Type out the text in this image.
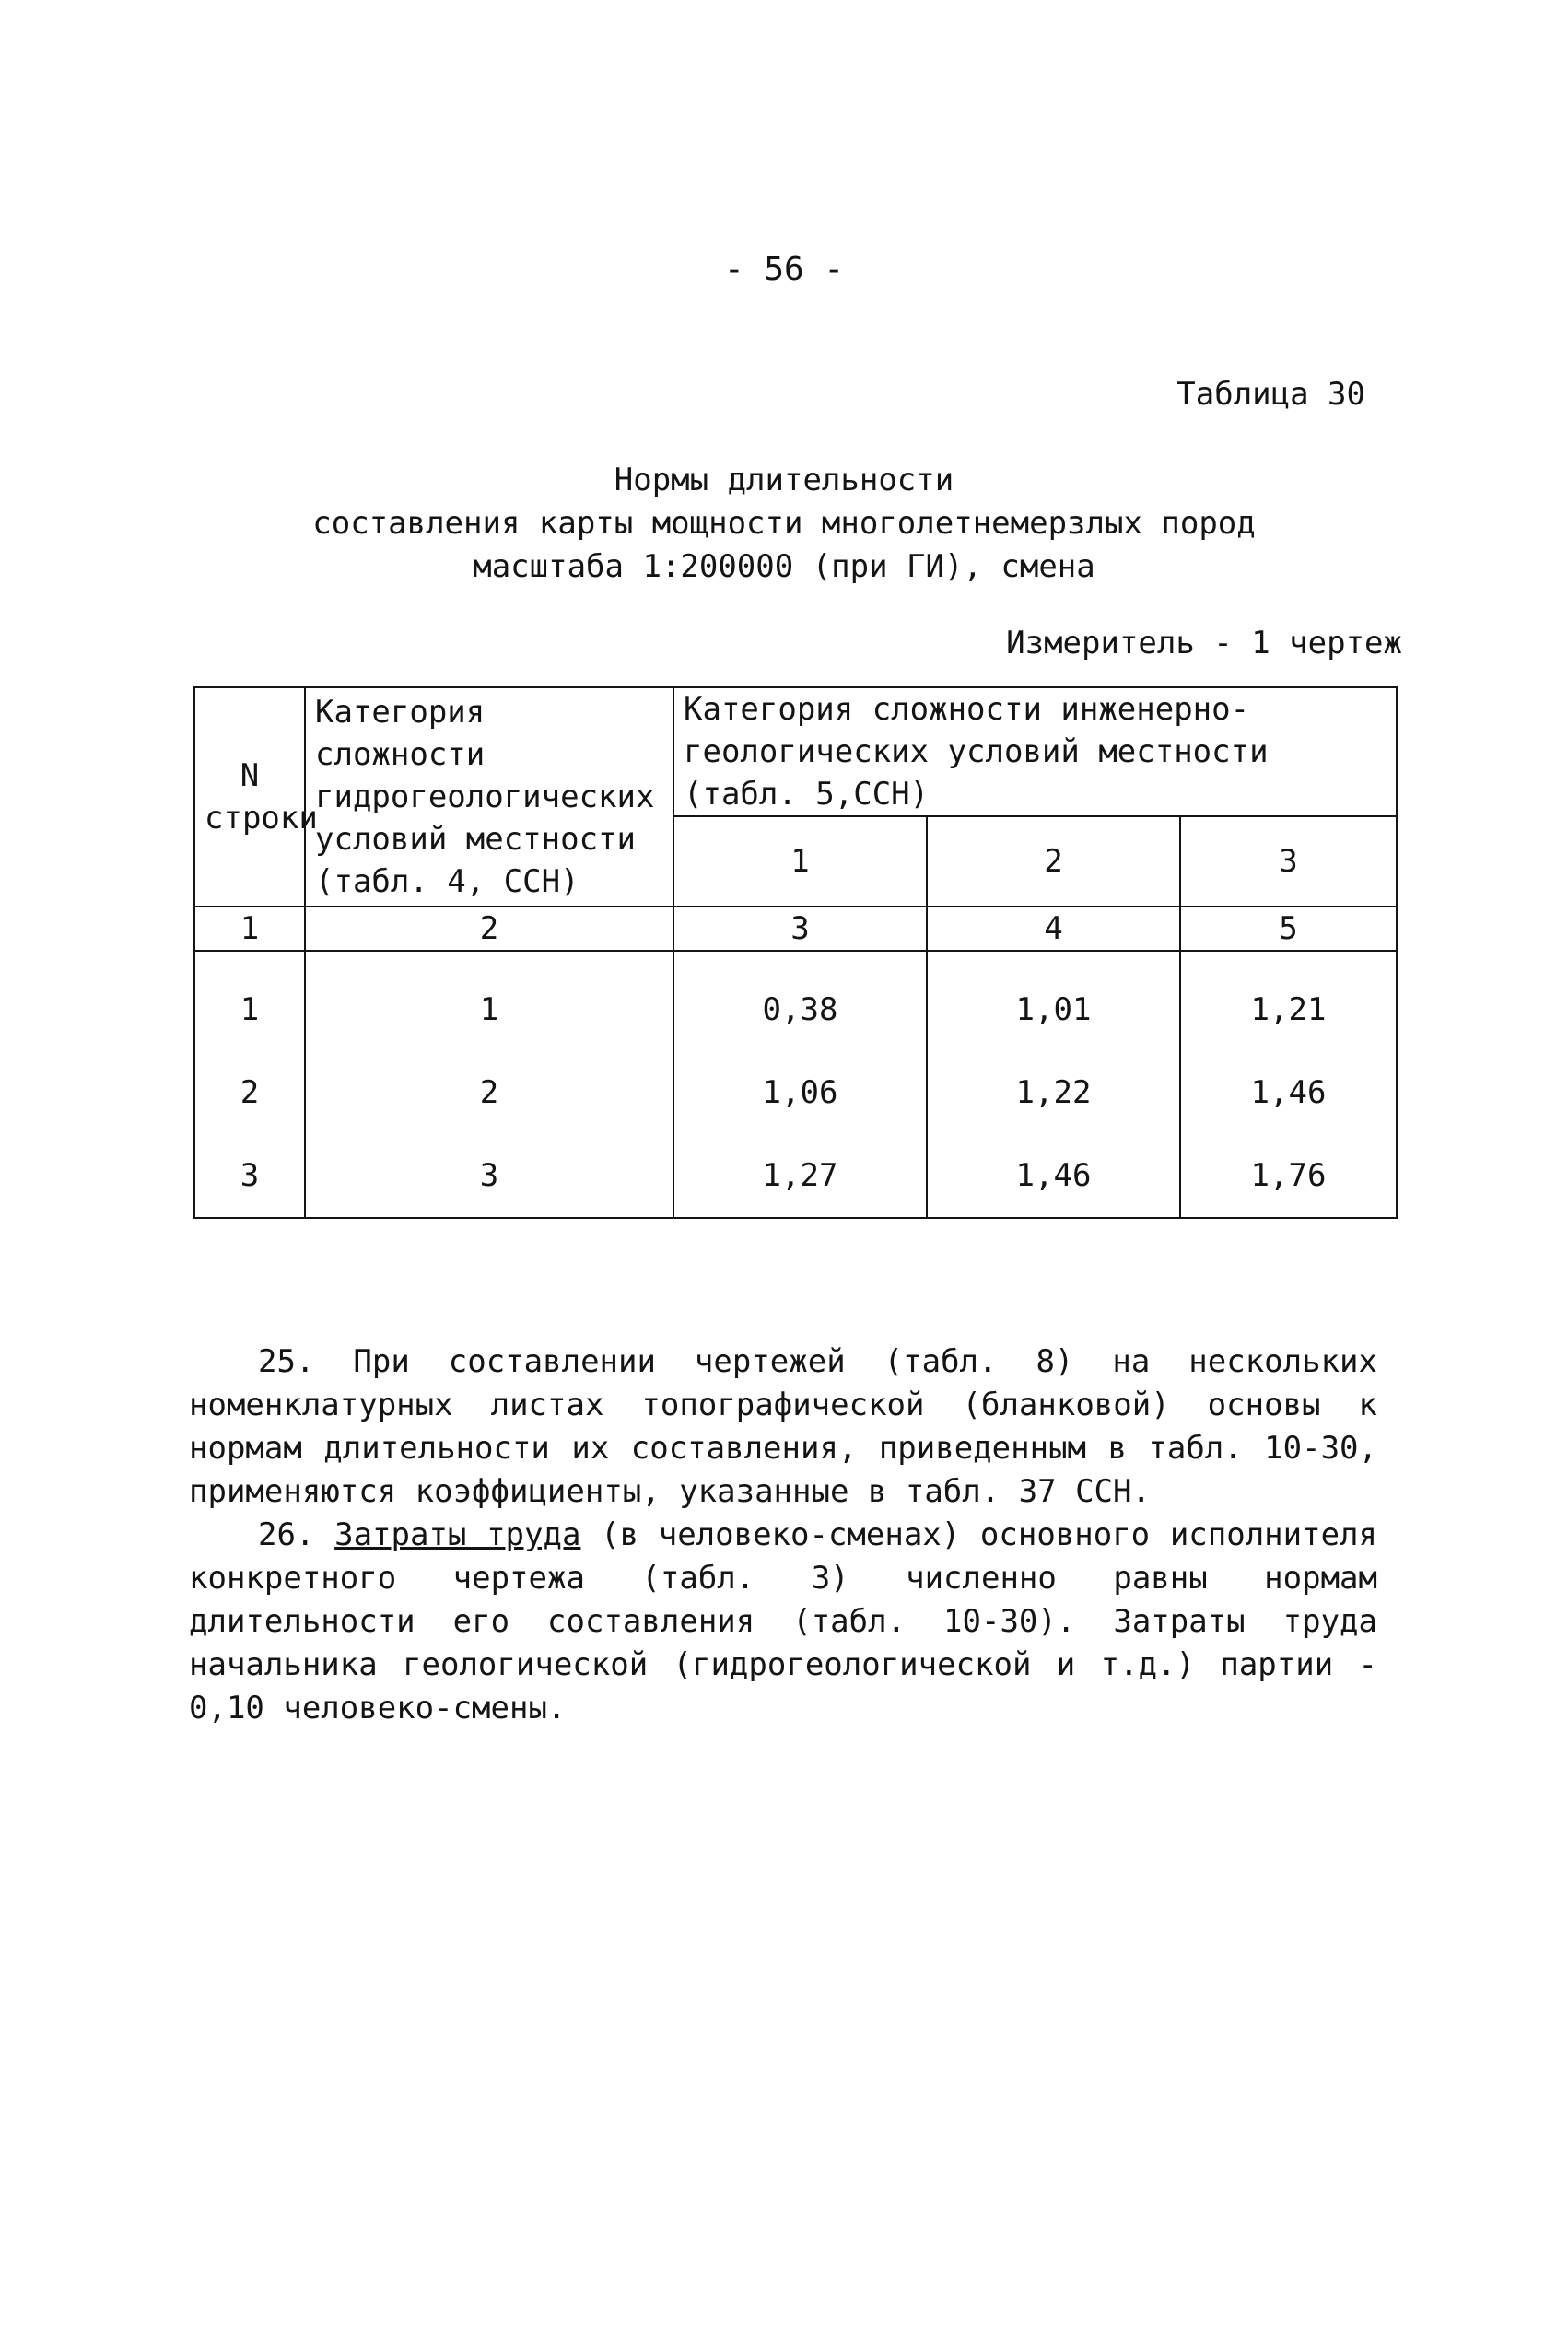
- 56 -
Таблица 30
Нормы длительности
составления карты мощности многолетнемерзлых пород
масштаба 1:200000 (при ГИ), смена
Измеритель - 1 чертеж
N строки	Категория сложности гидрогеологических условий местности (табл. 4, ССН)	Категория сложности инженерно-геологических условий местности (табл. 5,ССН)		
		1	2	3
1	2	3	4	5
1	1	0,38	1,01	1,21
2	2	1,06	1,22	1,46
3	3	1,27	1,46	1,76

25. При составлении чертежей (табл. 8) на нескольких номенклатурных листах топографической (бланковой) основы к нормам длительности их составления, приведенным в табл. 10-30, применяются коэффициенты, указанные в табл. 37 ССН.

26. Затраты труда (в человеко-сменах) основного исполнителя конкретного чертежа (табл. 3) численно равны нормам длительности его составления (табл. 10-30). Затраты труда начальника геологической (гидрогеологической и т.д.) партии - 0,10 человеко-смены.
